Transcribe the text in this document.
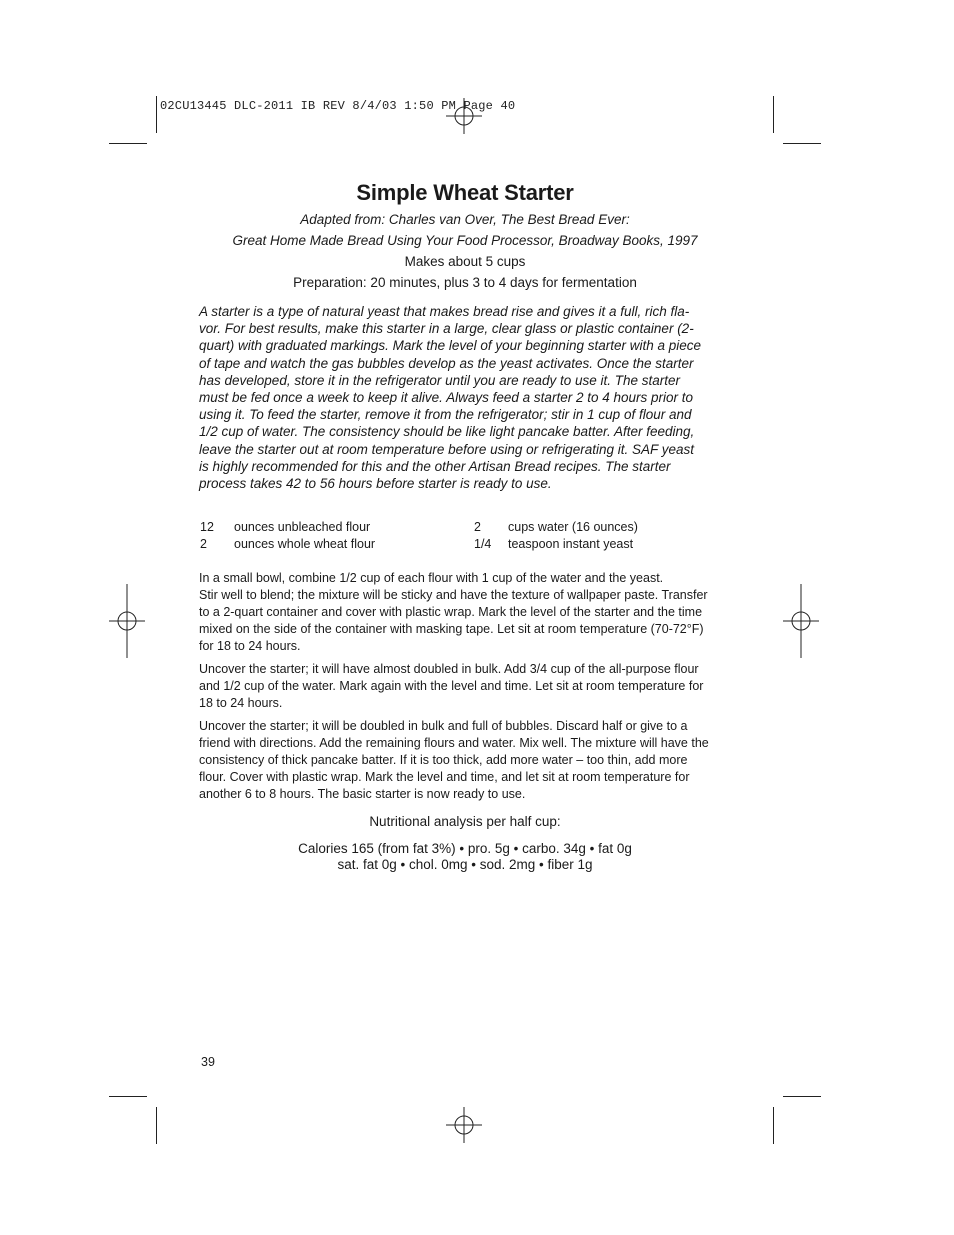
02CU13445 DLC-2011 IB REV 8/4/03 1:50 PM Page 40
Simple Wheat Starter
Adapted from: Charles van Over, The Best Bread Ever:
Great Home Made Bread Using Your Food Processor, Broadway Books, 1997
Makes about 5 cups
Preparation: 20 minutes, plus 3 to 4 days for fermentation

A starter is a type of natural yeast that makes bread rise and gives it a full, rich fla-
vor. For best results, make this starter in a large, clear glass or plastic container (2-
quart) with graduated markings. Mark the level of your beginning starter with a piece
of tape and watch the gas bubbles develop as the yeast activates. Once the starter
has developed, store it in the refrigerator until you are ready to use it. The starter
must be fed once a week to keep it alive. Always feed a starter 2 to 4 hours prior to
using it. To feed the starter, remove it from the refrigerator; stir in 1 cup of flour and
1/2 cup of water. The consistency should be like light pancake batter. After feeding,
leave the starter out at room temperature before using or refrigerating it. SAF yeast
is highly recommended for this and the other Artisan Bread recipes. The starter
process takes 42 to 56 hours before starter is ready to use.

12 ounces unbleached flour
2 ounces whole wheat flour
2 cups water (16 ounces)
1/4 teaspoon instant yeast
In a small bowl, combine 1/2 cup of each flour with 1 cup of the water and the yeast.
Stir well to blend; the mixture will be sticky and have the texture of wallpaper paste. Transfer
to a 2-quart container and cover with plastic wrap. Mark the level of the starter and the time
mixed on the side of the container with masking tape. Let sit at room temperature (70-72°F)
for 18 to 24 hours.
Uncover the starter; it will have almost doubled in bulk. Add 3/4 cup of the all-purpose flour
and 1/2 cup of the water. Mark again with the level and time. Let sit at room temperature for
18 to 24 hours.
Uncover the starter; it will be doubled in bulk and full of bubbles. Discard half or give to a
friend with directions. Add the remaining flours and water. Mix well. The mixture will have the
consistency of thick pancake batter. If it is too thick, add more water – too thin, add more
flour. Cover with plastic wrap. Mark the level and time, and let sit at room temperature for
another 6 to 8 hours. The basic starter is now ready to use.
Nutritional analysis per half cup:
Calories 165 (from fat 3%) • pro. 5g • carbo. 34g • fat 0g
sat. fat 0g • chol. 0mg • sod. 2mg • fiber 1g
39
